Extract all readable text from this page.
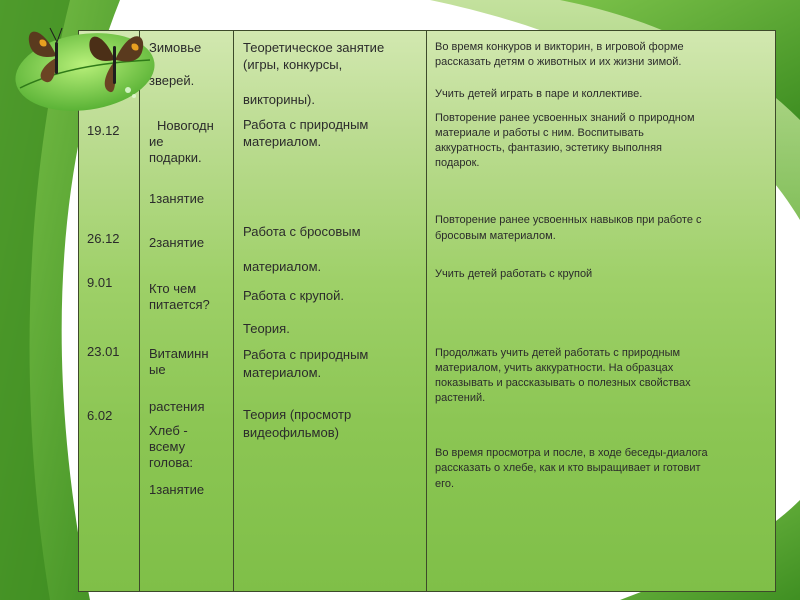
19.12
26.12
9.01
23.01
6.02
Зимовье
зверей.
Новогодн
ие
подарки.
1занятие
2занятие
Кто чем
питается?
Витаминн
ые
растения
Хлеб -
всему
голова:
1занятие
Теоретическое занятие
(игры, конкурсы,
викторины).
Работа с природным
материалом.
Работа с бросовым
материалом.
Работа с крупой.
Теория.
Работа с природным
материалом.
Теория (просмотр
видеофильмов)
Во время конкуров и викторин, в игровой форме
рассказать детям о животных и их жизни зимой.
Учить детей играть в паре и коллективе.
Повторение ранее усвоенных знаний о природном
материале и работы с ним. Воспитывать
аккуратность, фантазию, эстетику выполняя
подарок.
Повторение ранее усвоенных навыков при работе с
бросовым материалом.
Учить детей работать с крупой
Продолжать учить детей работать с природным
материалом, учить аккуратности. На образцах
показывать и рассказывать о полезных свойствах
растений.
Во время просмотра и после, в ходе беседы-диалога
рассказать о хлебе, как и кто выращивает и готовит
его.
